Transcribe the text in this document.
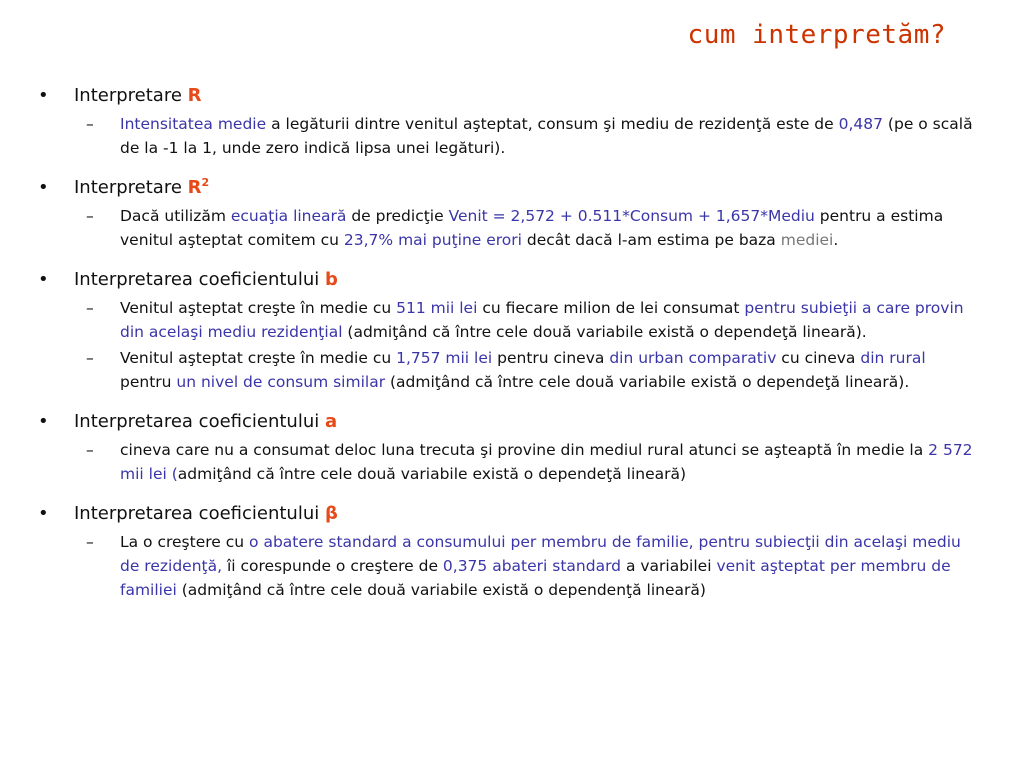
cum interpretăm?
•	Interpretare R
– Intensitatea medie a legăturii dintre venitul aşteptat, consum şi mediu de rezidenţă este de 0,487 (pe o scală de la -1 la 1, unde zero indică lipsa unei legături).
•	Interpretare $R^2$
– Dacă utilizăm ecuaţia lineară de predicţie Venit = 2,572 + 0.511*Consum + 1,657*Mediu pentru a estima venitul aşteptat comitem cu 23,7% mai puţine erori decât dacă l-am estima pe baza mediei.
•	Interpretarea coeficientului b
– Venitul aşteptat creşte în medie cu 511 mii lei cu fiecare milion de lei consumat pentru subieţii a care provin din acelaşi mediu rezidenţial (admiţând că între cele două variabile există o dependeţă lineară).
– Venitul aşteptat creşte în medie cu 1,757 mii lei pentru cineva din urban comparativ cu cineva din rural pentru un nivel de consum similar (admiţând că între cele două variabile există o dependeţă lineară).
•	Interpretarea coeficientului a
– cineva care nu a consumat deloc luna trecuta şi provine din mediul rural atunci se aşteaptă în medie la 2 572 mii lei (admiţând că între cele două variabile există o dependeţă lineară)
•	Interpretarea coeficientului β
– La o creştere cu o abatere standard a consumului per membru de familie, pentru subiecţii din acelaşi mediu de rezidenţă, îi corespunde o creştere de 0,375 abateri standard a variabilei venit aşteptat per membru de familiei (admiţând că între cele două variabile există o dependenţă lineară)
